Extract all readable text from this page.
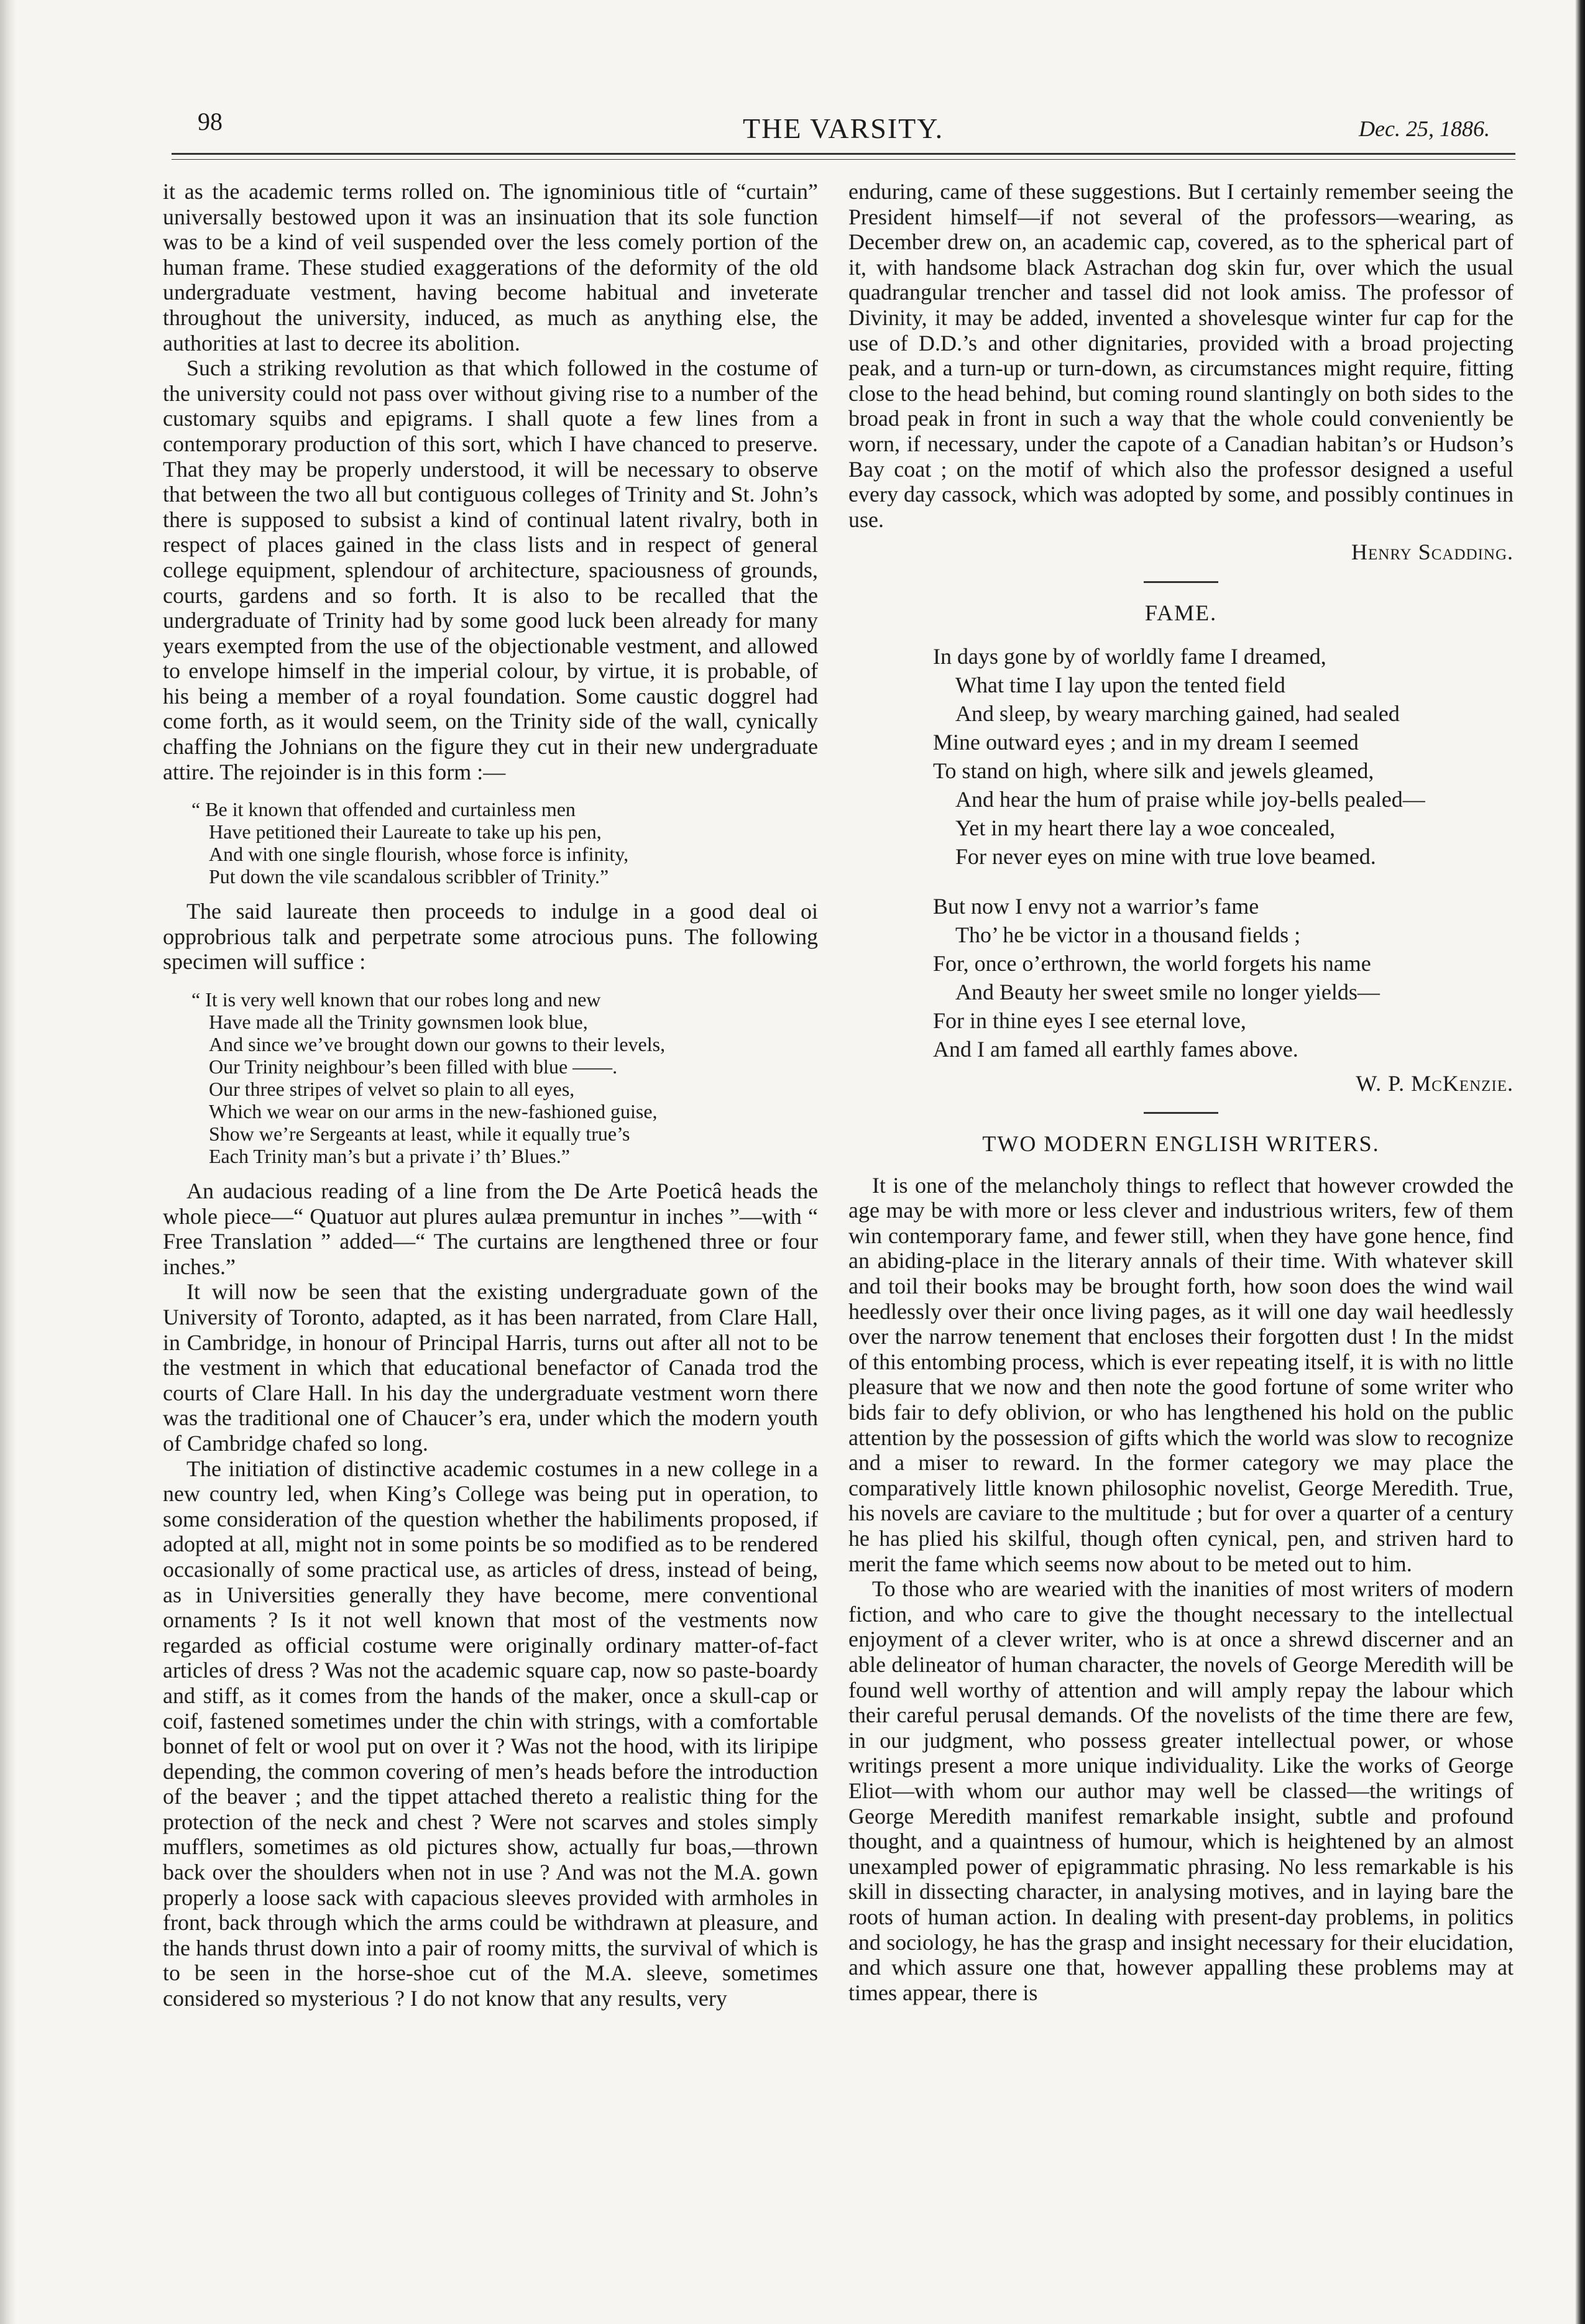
98	THE VARSITY.	Dec. 25, 1886.

it as the academic terms rolled on. The ignominious title of “curtain” universally bestowed upon it was an insinuation that its sole function was to be a kind of veil suspended over the less comely portion of the human frame. These studied exaggerations of the deformity of the old undergraduate vestment, having become habitual and inveterate throughout the university, induced, as much as anything else, the authorities at last to decree its abolition.

Such a striking revolution as that which followed in the costume of the university could not pass over without giving rise to a number of the customary squibs and epigrams. I shall quote a few lines from a contemporary production of this sort, which I have chanced to preserve. That they may be properly understood, it will be necessary to observe that between the two all but contiguous colleges of Trinity and St. John’s there is supposed to subsist a kind of continual latent rivalry, both in respect of places gained in the class lists and in respect of general college equipment, splendour of architecture, spaciousness of grounds, courts, gardens and so forth. It is also to be recalled that the undergraduate of Trinity had by some good luck been already for many years exempted from the use of the objectionable vestment, and allowed to envelope himself in the imperial colour, by virtue, it is probable, of his being a member of a royal foundation. Some caustic doggrel had come forth, as it would seem, on the Trinity side of the wall, cynically chaffing the Johnians on the figure they cut in their new undergraduate attire. The rejoinder is in this form :—

“ Be it known that offended and curtainless men
Have petitioned their Laureate to take up his pen,
And with one single flourish, whose force is infinity,
Put down the vile scandalous scribbler of Trinity.”

The said laureate then proceeds to indulge in a good deal oi opprobrious talk and perpetrate some atrocious puns. The following specimen will suffice :

“ It is very well known that our robes long and new
Have made all the Trinity gownsmen look blue,
And since we’ve brought down our gowns to their levels,
Our Trinity neighbour’s been filled with blue ——.
Our three stripes of velvet so plain to all eyes,
Which we wear on our arms in the new-fashioned guise,
Show we’re Sergeants at least, while it equally true’s
Each Trinity man’s but a private i’ th’ Blues.”

An audacious reading of a line from the De Arte Poeticâ heads the whole piece—“ Quatuor aut plures aulæa premuntur in inches ”—with “ Free Translation ” added—“ The curtains are lengthened three or four inches.”

It will now be seen that the existing undergraduate gown of the University of Toronto, adapted, as it has been narrated, from Clare Hall, in Cambridge, in honour of Principal Harris, turns out after all not to be the vestment in which that educational benefactor of Canada trod the courts of Clare Hall. In his day the undergraduate vestment worn there was the traditional one of Chaucer’s era, under which the modern youth of Cambridge chafed so long.

The initiation of distinctive academic costumes in a new college in a new country led, when King’s College was being put in operation, to some consideration of the question whether the habiliments proposed, if adopted at all, might not in some points be so modified as to be rendered occasionally of some practical use, as articles of dress, instead of being, as in Universities generally they have become, mere conventional ornaments ? Is it not well known that most of the vestments now regarded as official costume were originally ordinary matter-of-fact articles of dress ? Was not the academic square cap, now so paste-boardy and stiff, as it comes from the hands of the maker, once a skull-cap or coif, fastened sometimes under the chin with strings, with a comfortable bonnet of felt or wool put on over it ? Was not the hood, with its liripipe depending, the common covering of men’s heads before the introduction of the beaver ; and the tippet attached thereto a realistic thing for the protection of the neck and chest ? Were not scarves and stoles simply mufflers, sometimes as old pictures show, actually fur boas,—thrown back over the shoulders when not in use ? And was not the M.A. gown properly a loose sack with capacious sleeves provided with armholes in front, back through which the arms could be withdrawn at pleasure, and the hands thrust down into a pair of roomy mitts, the survival of which is to be seen in the horse-shoe cut of the M.A. sleeve, sometimes considered so mysterious ? I do not know that any results, very

enduring, came of these suggestions. But I certainly remember seeing the President himself—if not several of the professors—wearing, as December drew on, an academic cap, covered, as to the spherical part of it, with handsome black Astrachan dog skin fur, over which the usual quadrangular trencher and tassel did not look amiss. The professor of Divinity, it may be added, invented a shovelesque winter fur cap for the use of D.D.’s and other dignitaries, provided with a broad projecting peak, and a turn-up or turn-down, as circumstances might require, fitting close to the head behind, but coming round slantingly on both sides to the broad peak in front in such a way that the whole could conveniently be worn, if necessary, under the capote of a Canadian habitan’s or Hudson’s Bay coat ; on the motif of which also the professor designed a useful every day cassock, which was adopted by some, and possibly continues in use.

Henry Scadding.
FAME.
In days gone by of worldly fame I dreamed,
What time I lay upon the tented field
And sleep, by weary marching gained, had sealed
Mine outward eyes ; and in my dream I seemed
To stand on high, where silk and jewels gleamed,
And hear the hum of praise while joy-bells pealed—
Yet in my heart there lay a woe concealed,
For never eyes on mine with true love beamed.
But now I envy not a warrior’s fame
Tho’ he be victor in a thousand fields ;
For, once o’erthrown, the world forgets his name
And Beauty her sweet smile no longer yields—
For in thine eyes I see eternal love,
And I am famed all earthly fames above.
W. P. McKenzie.
TWO MODERN ENGLISH WRITERS.

It is one of the melancholy things to reflect that however crowded the age may be with more or less clever and industrious writers, few of them win contemporary fame, and fewer still, when they have gone hence, find an abiding-place in the literary annals of their time. With whatever skill and toil their books may be brought forth, how soon does the wind wail heedlessly over their once living pages, as it will one day wail heedlessly over the narrow tenement that encloses their forgotten dust ! In the midst of this entombing process, which is ever repeating itself, it is with no little pleasure that we now and then note the good fortune of some writer who bids fair to defy oblivion, or who has lengthened his hold on the public attention by the possession of gifts which the world was slow to recognize and a miser to reward. In the former category we may place the comparatively little known philosophic novelist, George Meredith. True, his novels are caviare to the multitude ; but for over a quarter of a century he has plied his skilful, though often cynical, pen, and striven hard to merit the fame which seems now about to be meted out to him.

To those who are wearied with the inanities of most writers of modern fiction, and who care to give the thought necessary to the intellectual enjoyment of a clever writer, who is at once a shrewd discerner and an able delineator of human character, the novels of George Meredith will be found well worthy of attention and will amply repay the labour which their careful perusal demands. Of the novelists of the time there are few, in our judgment, who possess greater intellectual power, or whose writings present a more unique individuality. Like the works of George Eliot—with whom our author may well be classed—the writings of George Meredith manifest remarkable insight, subtle and profound thought, and a quaintness of humour, which is heightened by an almost unexampled power of epigrammatic phrasing. No less remarkable is his skill in dissecting character, in analysing motives, and in laying bare the roots of human action. In dealing with present-day problems, in politics and sociology, he has the grasp and insight necessary for their elucidation, and which assure one that, however appalling these problems may at times appear, there is
